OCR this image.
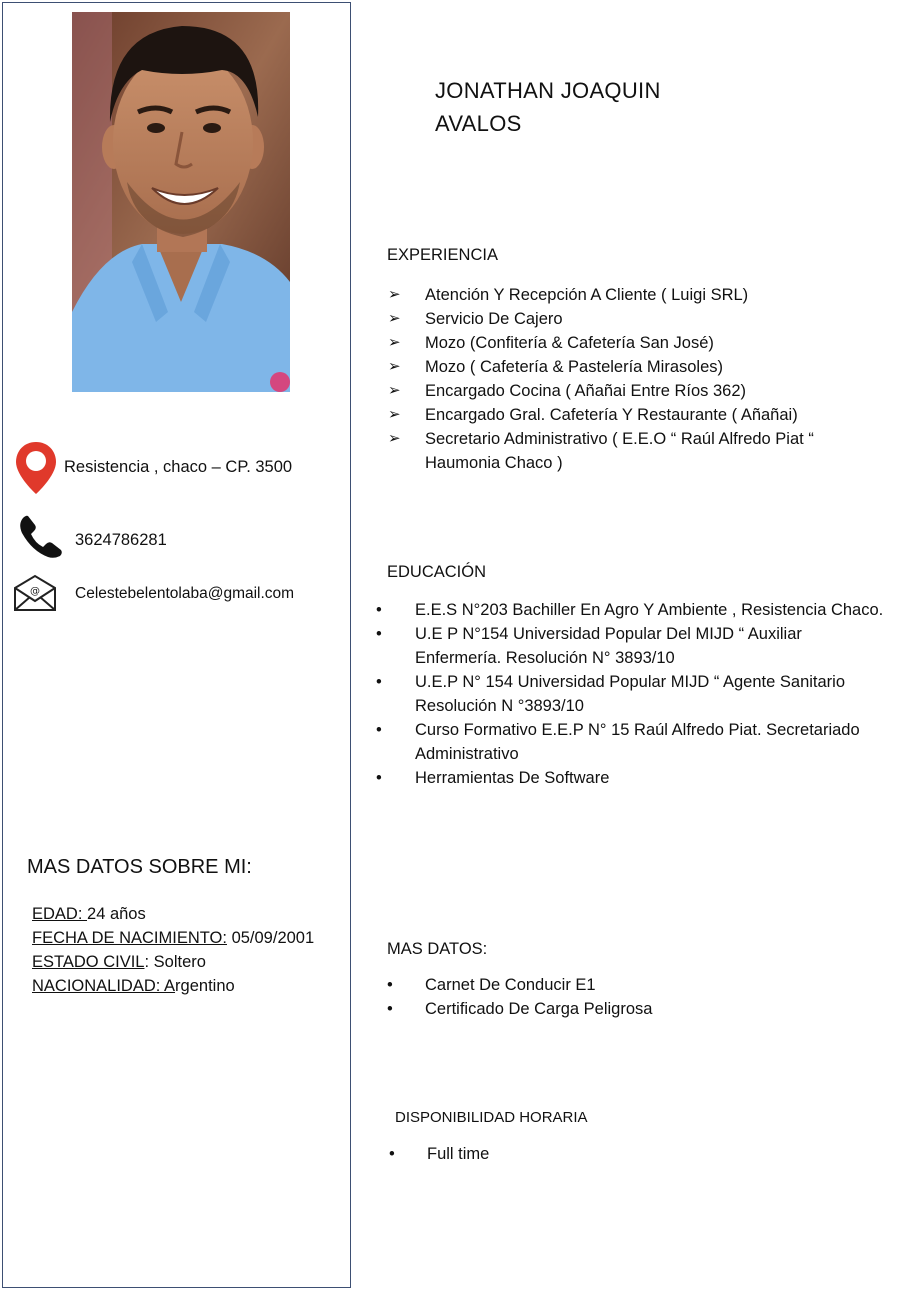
Resistencia , chaco – CP. 3500
3624786281
@ Celestebelentolaba@gmail.com
MAS DATOS SOBRE MI:
EDAD: 24 años
FECHA DE NACIMIENTO: 05/09/2001
ESTADO CIVIL: Soltero
NACIONALIDAD: Argentino
JONATHAN JOAQUIN
AVALOS
EXPERIENCIA
➢ Atención Y Recepción A Cliente ( Luigi SRL)
➢ Servicio De Cajero
➢ Mozo (Confitería & Cafetería San José)
➢ Mozo ( Cafetería & Pastelería Mirasoles)
➢ Encargado Cocina ( Añañai Entre Ríos 362)
➢ Encargado Gral. Cafetería Y Restaurante ( Añañai)
➢ Secretario Administrativo ( E.E.O “ Raúl Alfredo Piat “ Haumonia Chaco )
EDUCACIÓN
• E.E.S N°203 Bachiller En Agro Y Ambiente , Resistencia Chaco.
• U.E P N°154 Universidad Popular Del MIJD “ Auxiliar Enfermería. Resolución N° 3893/10
• U.E.P N° 154 Universidad Popular MIJD “ Agente Sanitario Resolución N °3893/10
• Curso Formativo E.E.P N° 15 Raúl Alfredo Piat. Secretariado Administrativo
• Herramientas De Software
MAS DATOS:
• Carnet De Conducir E1
• Certificado De Carga Peligrosa
DISPONIBILIDAD HORARIA
• Full time
